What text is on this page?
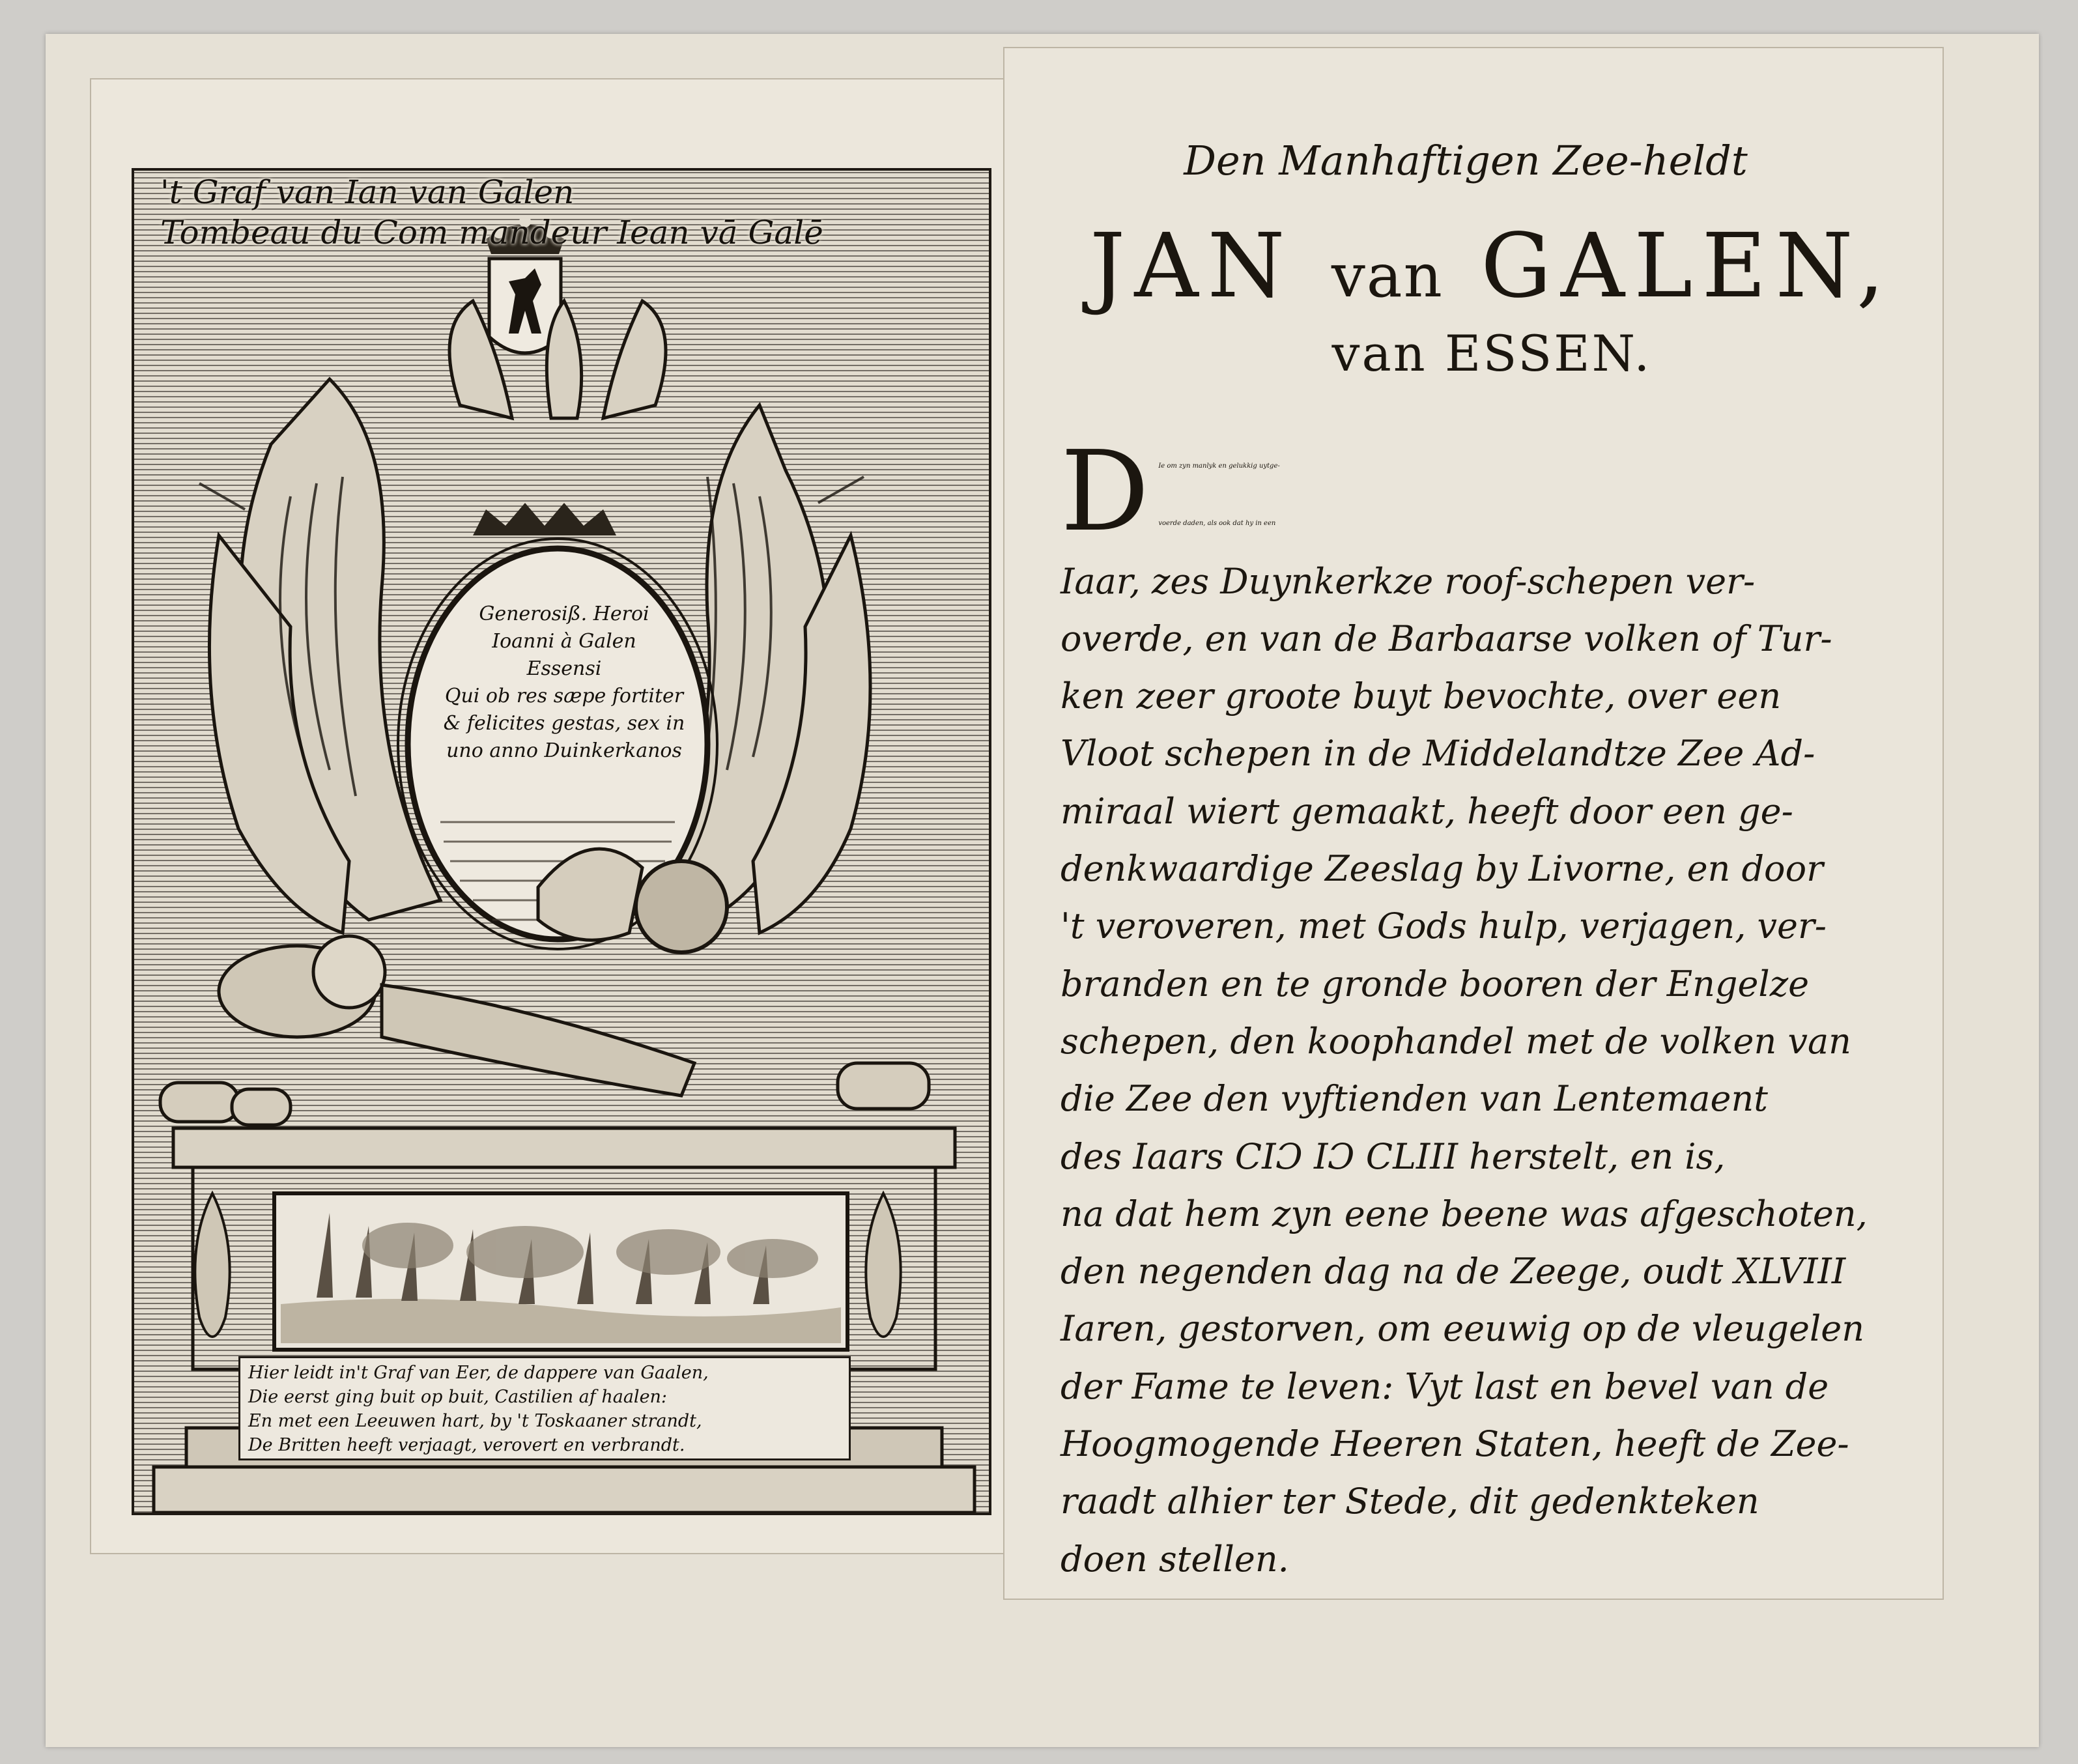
't Graf van Ian van Galen
Tombeau du Com mandeur Iean vā Galē
Generosiß. Heroi
Ioanni à Galen
Essensi
Qui ob res sæpe fortiter
& felicites gestas, sex in
uno anno Duinkerkanos
Hier leidt in't Graf van Eer, de dappere van Gaalen,
Die eerst ging buit op buit, Castilien af haalen:
En met een Leeuwen hart, by 't Toskaaner strandt,
De Britten heeft verjaagt, verovert en verbrandt.
Den Manhaftigen Zee-heldt
JAN van GALEN,
van ESSEN.
D	Ie om zyn manlyk en gelukkig uytge-
voerde daden, als ook dat hy in een
Iaar, zes Duynkerkze roof-schepen ver-
overde, en van de Barbaarse volken of Tur-
ken zeer groote buyt bevochte, over een
Vloot schepen in de Middelandtze Zee Ad-
miraal wiert gemaakt, heeft door een ge-
denkwaardige Zeeslag by Livorne, en door
't veroveren, met Gods hulp, verjagen, ver-
branden en te gronde booren der Engelze
schepen, den koophandel met de volken van
die Zee den vyftienden van Lentemaent
des Iaars CIƆ IƆ CLIII herstelt, en is,
na dat hem zyn eene beene was afgeschoten,
den negenden dag na de Zeege, oudt XLVIII
Iaren, gestorven, om eeuwig op de vleugelen
der Fame te leven: Vyt last en bevel van de
Hoogmogende Heeren Staten, heeft de Zee-
raadt alhier ter Stede, dit gedenkteken
doen stellen.
